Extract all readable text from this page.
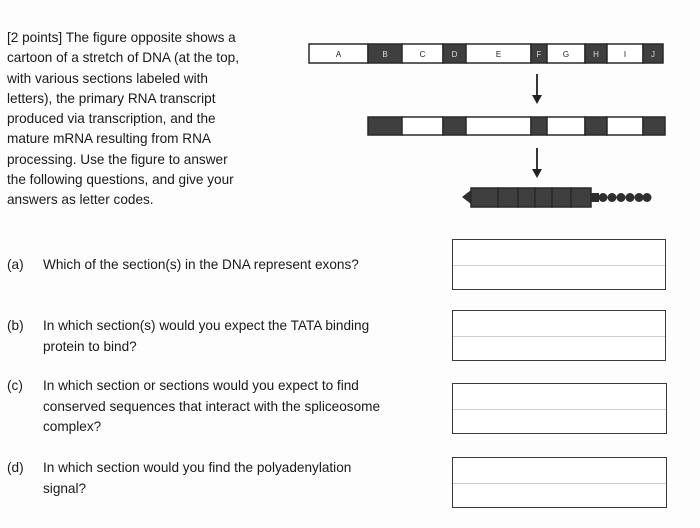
[2 points] The figure opposite shows a
cartoon of a stretch of DNA (at the top,
with various sections labeled with
letters), the primary RNA transcript
produced via transcription, and the
mature mRNA resulting from RNA
processing. Use the figure to answer
the following questions, and give your
answers as letter codes.
A	B	C	D	E	F	G	H	I	J
(a) Which of the section(s) in the DNA represent exons?
(b) In which section(s) would you expect the TATA binding
protein to bind?
(c) In which section or sections would you expect to find
conserved sequences that interact with the spliceosome
complex?
(d) In which section would you find the polyadenylation
signal?
